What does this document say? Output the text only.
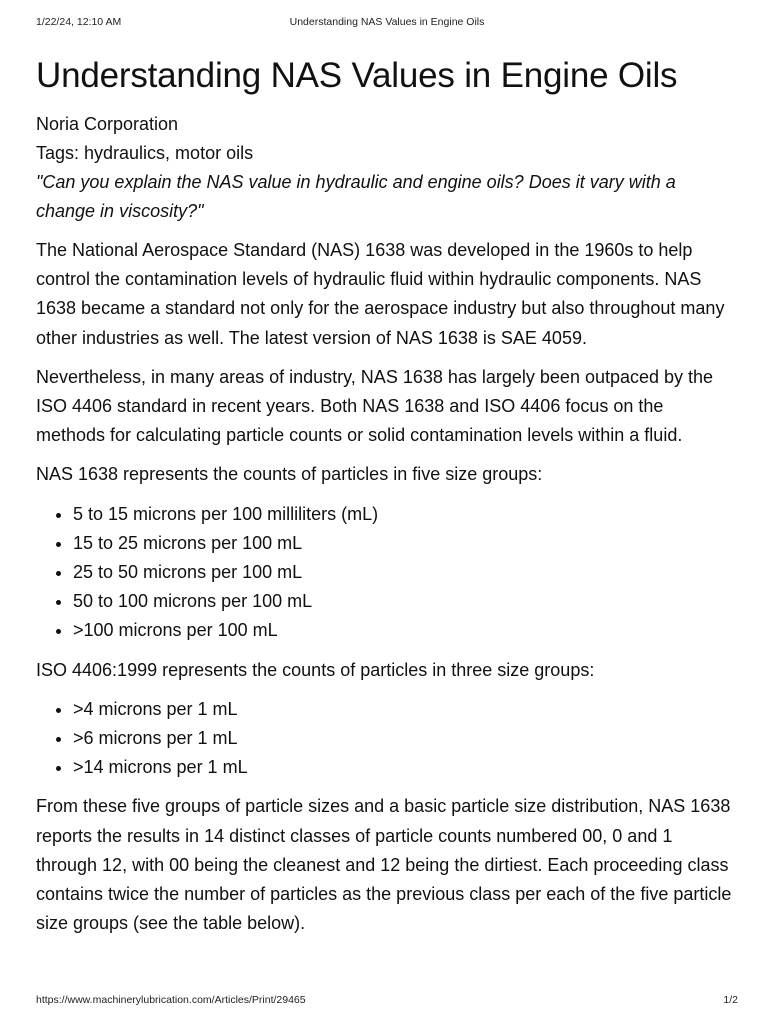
1/22/24, 12:10 AM	Understanding NAS Values in Engine Oils
Understanding NAS Values in Engine Oils
Noria Corporation
Tags: hydraulics, motor oils
"Can you explain the NAS value in hydraulic and engine oils? Does it vary with a change in viscosity?"

The National Aerospace Standard (NAS) 1638 was developed in the 1960s to help control the contamination levels of hydraulic fluid within hydraulic components. NAS 1638 became a standard not only for the aerospace industry but also throughout many other industries as well. The latest version of NAS 1638 is SAE 4059.

Nevertheless, in many areas of industry, NAS 1638 has largely been outpaced by the ISO 4406 standard in recent years. Both NAS 1638 and ISO 4406 focus on the methods for calculating particle counts or solid contamination levels within a fluid.

NAS 1638 represents the counts of particles in five size groups:

• 5 to 15 microns per 100 milliliters (mL)
• 15 to 25 microns per 100 mL
• 25 to 50 microns per 100 mL
• 50 to 100 microns per 100 mL
• >100 microns per 100 mL

ISO 4406:1999 represents the counts of particles in three size groups:

• >4 microns per 1 mL
• >6 microns per 1 mL
• >14 microns per 1 mL

From these five groups of particle sizes and a basic particle size distribution, NAS 1638 reports the results in 14 distinct classes of particle counts numbered 00, 0 and 1 through 12, with 00 being the cleanest and 12 being the dirtiest. Each proceeding class contains twice the number of particles as the previous class per each of the five particle size groups (see the table below).

https://www.machinerylubrication.com/Articles/Print/29465	1/2
